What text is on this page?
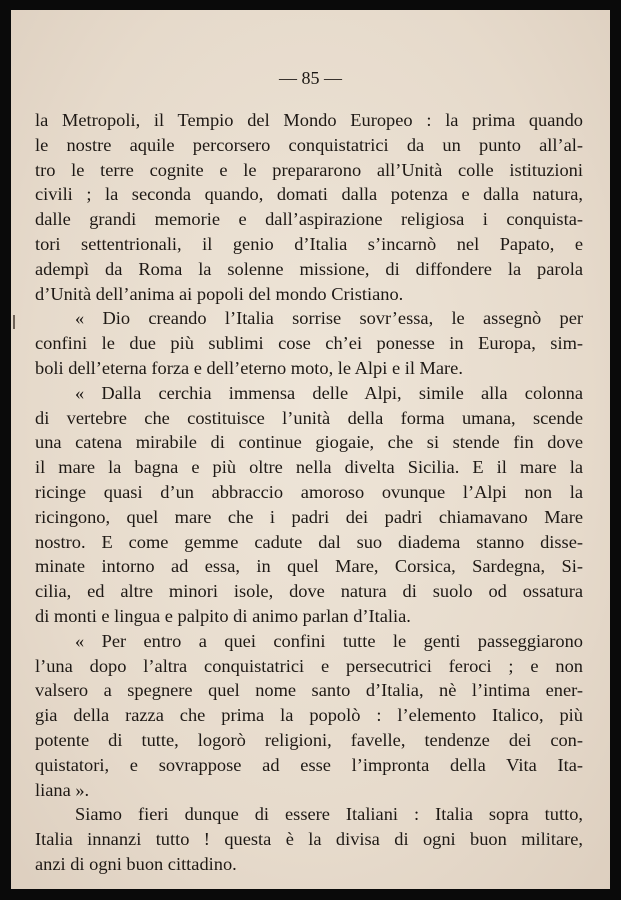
— 85 —
la Metropoli, il Tempio del Mondo Europeo : la prima quando
le nostre aquile percorsero conquistatrici da un punto all’al-
tro le terre cognite e le prepararono all’Unità colle istituzioni
civili ; la seconda quando, domati dalla potenza e dalla natura,
dalle grandi memorie e dall’aspirazione religiosa i conquista-
tori settentrionali, il genio d’Italia s’incarnò nel Papato, e
adempì da Roma la solenne missione, di diffondere la parola
d’Unità dell’anima ai popoli del mondo Cristiano.
« Dio creando l’Italia sorrise sovr’essa, le assegnò per
confini le due più sublimi cose ch’ei ponesse in Europa, sim-
boli dell’eterna forza e dell’eterno moto, le Alpi e il Mare.
« Dalla cerchia immensa delle Alpi, simile alla colonna
di vertebre che costituisce l’unità della forma umana, scende
una catena mirabile di continue giogaie, che si stende fin dove
il mare la bagna e più oltre nella divelta Sicilia. E il mare la
ricinge quasi d’un abbraccio amoroso ovunque l’Alpi non la
ricingono, quel mare che i padri dei padri chiamavano Mare
nostro. E come gemme cadute dal suo diadema stanno disse-
minate intorno ad essa, in quel Mare, Corsica, Sardegna, Si-
cilia, ed altre minori isole, dove natura di suolo od ossatura
di monti e lingua e palpito di animo parlan d’Italia.
« Per entro a quei confini tutte le genti passeggiarono
l’una dopo l’altra conquistatrici e persecutrici feroci ; e non
valsero a spegnere quel nome santo d’Italia, nè l’intima ener-
gia della razza che prima la popolò : l’elemento Italico, più
potente di tutte, logorò religioni, favelle, tendenze dei con-
quistatori, e sovrappose ad esse l’impronta della Vita Ita-
liana ».
Siamo fieri dunque di essere Italiani : Italia sopra tutto,
Italia innanzi tutto ! questa è la divisa di ogni buon militare,
anzi di ogni buon cittadino.
